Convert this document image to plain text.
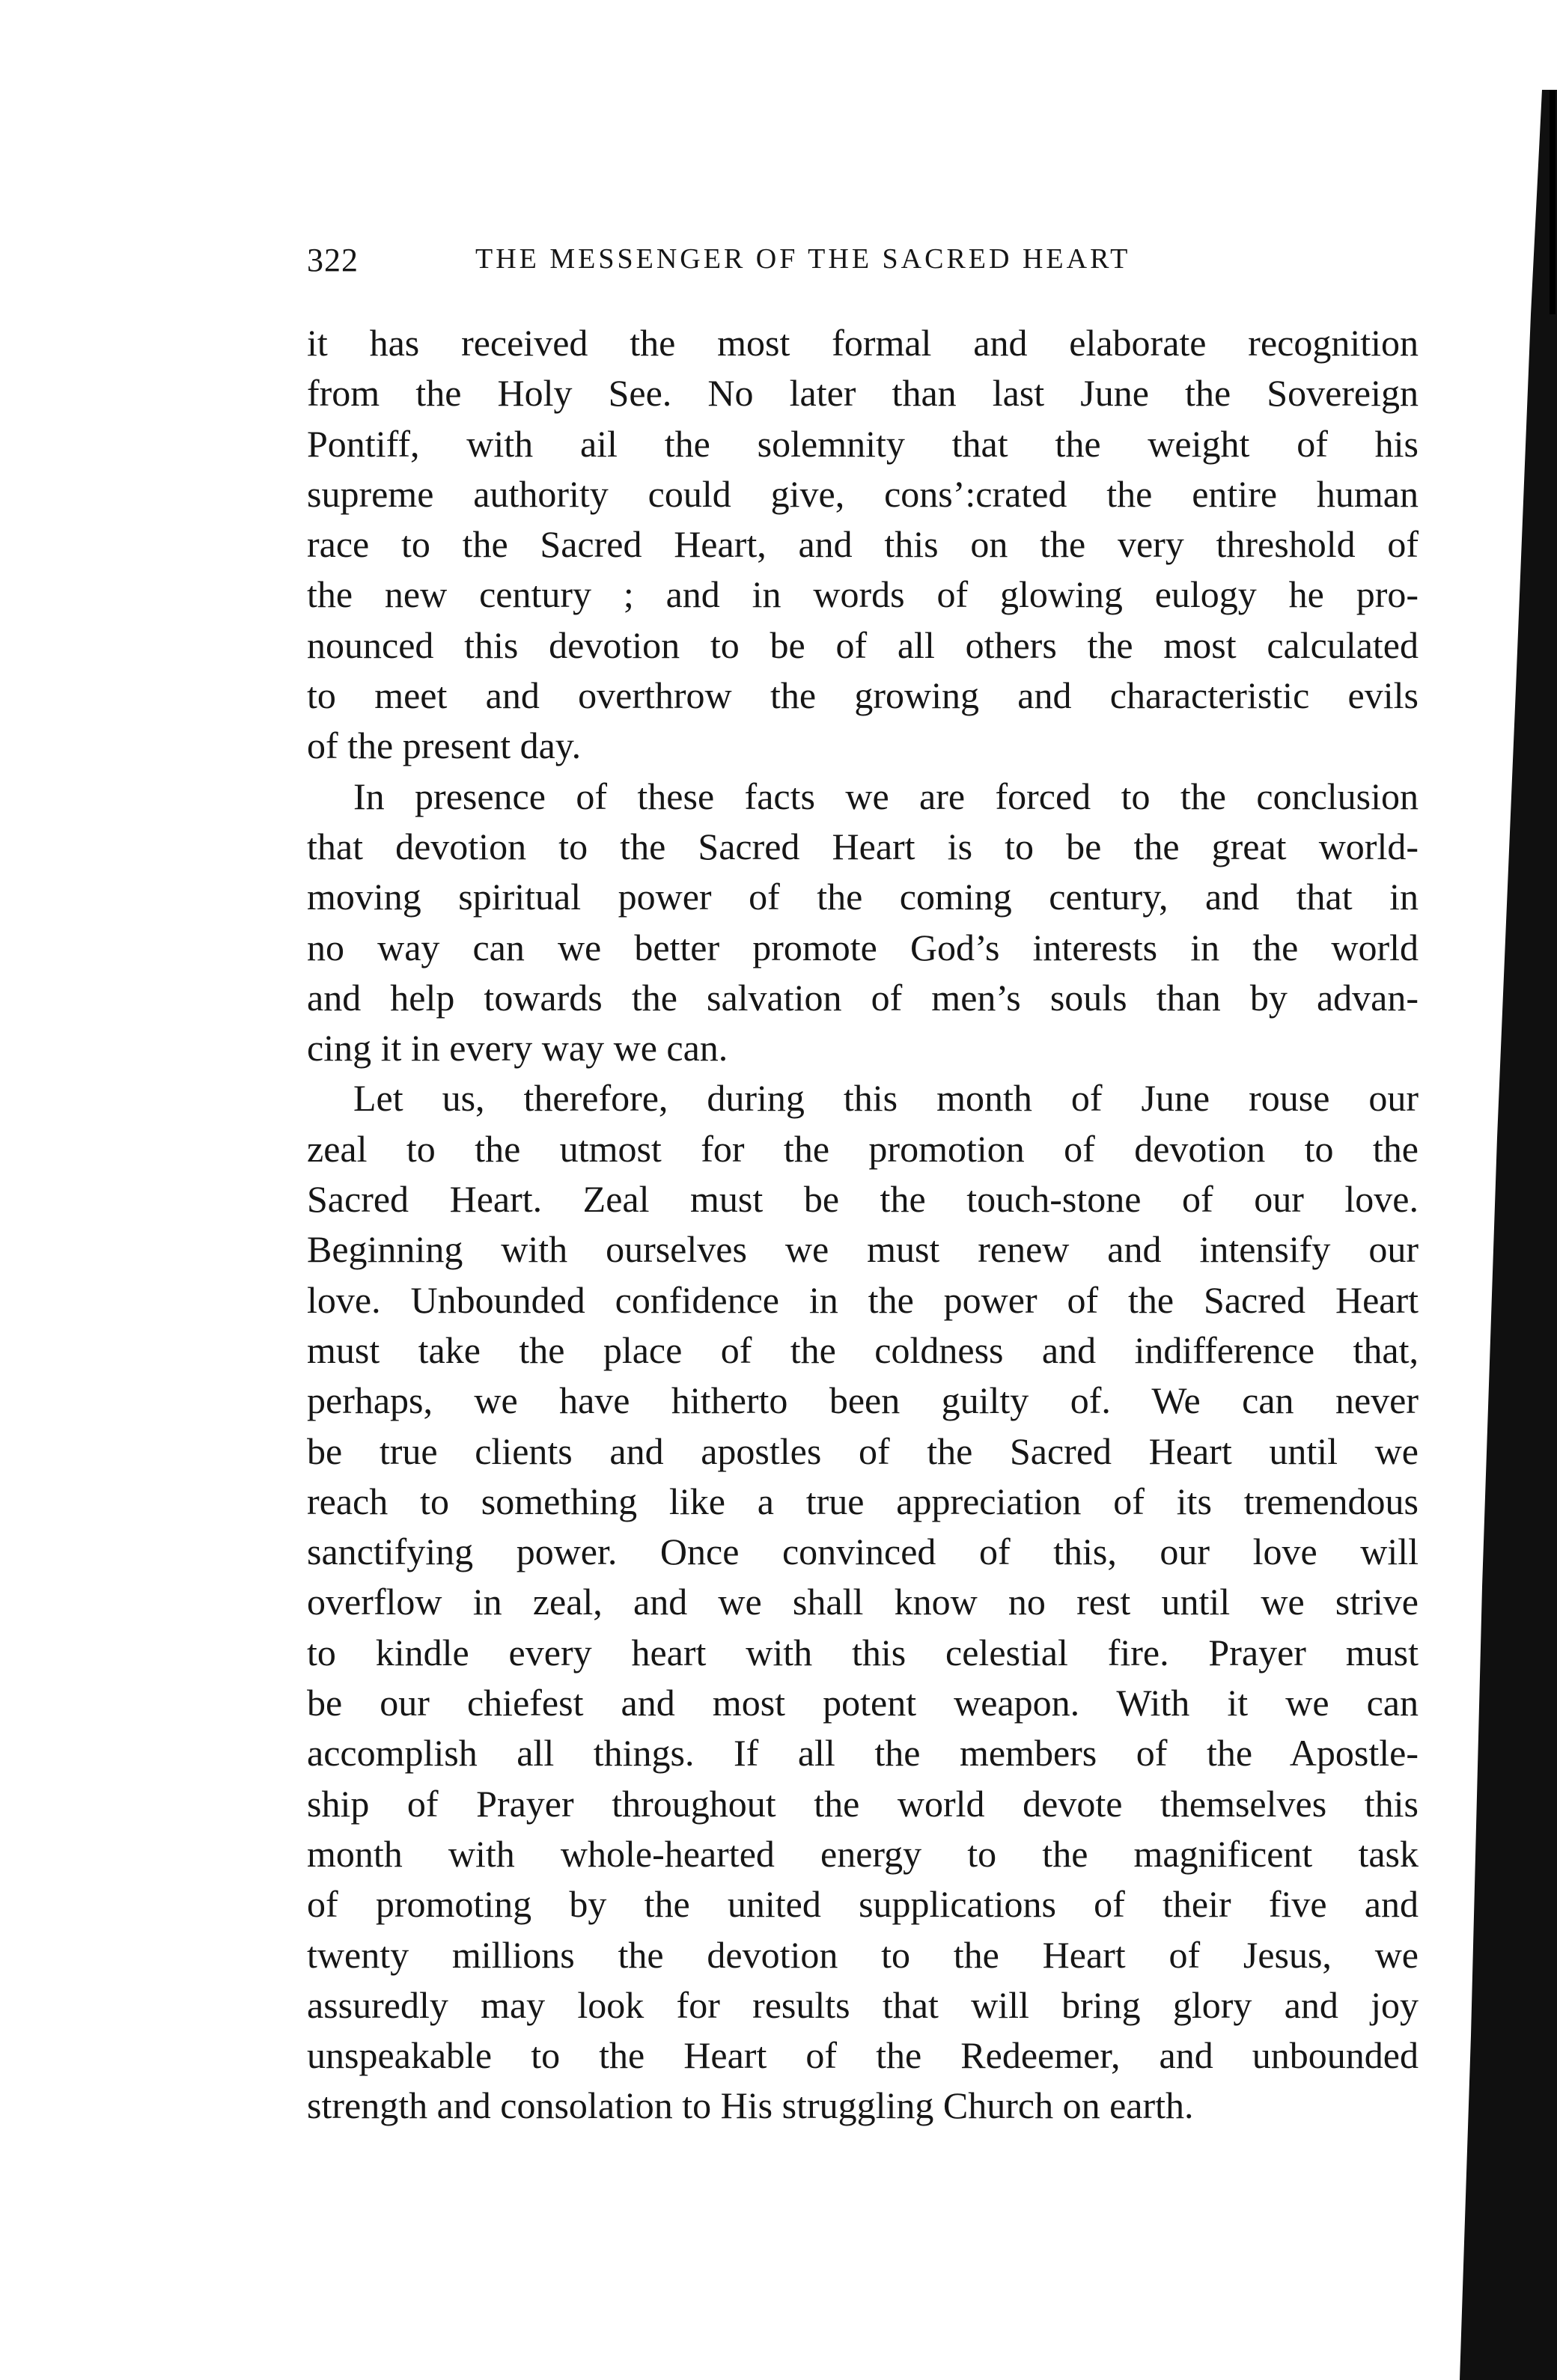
322	THE MESSENGER OF THE SACRED HEART
it has received the most formal and elaborate recognition
from the Holy See. No later than last June the Sovereign
Pontiff, with ail the solemnity that the weight of his
supreme authority could give, cons’:crated the entire human
race to the Sacred Heart, and this on the very threshold of
the new century ; and in words of glowing eulogy he pro-
nounced this devotion to be of all others the most calculated
to meet and overthrow the growing and characteristic evils
of the present day.
In presence of these facts we are forced to the conclusion
that devotion to the Sacred Heart is to be the great world-
moving spiritual power of the coming century, and that in
no way can we better promote God’s interests in the world
and help towards the salvation of men’s souls than by advan-
cing it in every way we can.
Let us, therefore, during this month of June rouse our
zeal to the utmost for the promotion of devotion to the
Sacred Heart. Zeal must be the touch-stone of our love.
Beginning with ourselves we must renew and intensify our
love. Unbounded confidence in the power of the Sacred Heart
must take the place of the coldness and indifference that,
perhaps, we have hitherto been guilty of. We can never
be true clients and apostles of the Sacred Heart until we
reach to something like a true appreciation of its tremendous
sanctifying power. Once convinced of this, our love will
overflow in zeal, and we shall know no rest until we strive
to kindle every heart with this celestial fire. Prayer must
be our chiefest and most potent weapon. With it we can
accomplish all things. If all the members of the Apostle-
ship of Prayer throughout the world devote themselves this
month with whole-hearted energy to the magnificent task
of promoting by the united supplications of their five and
twenty millions the devotion to the Heart of Jesus, we
assuredly may look for results that will bring glory and joy
unspeakable to the Heart of the Redeemer, and unbounded
strength and consolation to His struggling Church on earth.
